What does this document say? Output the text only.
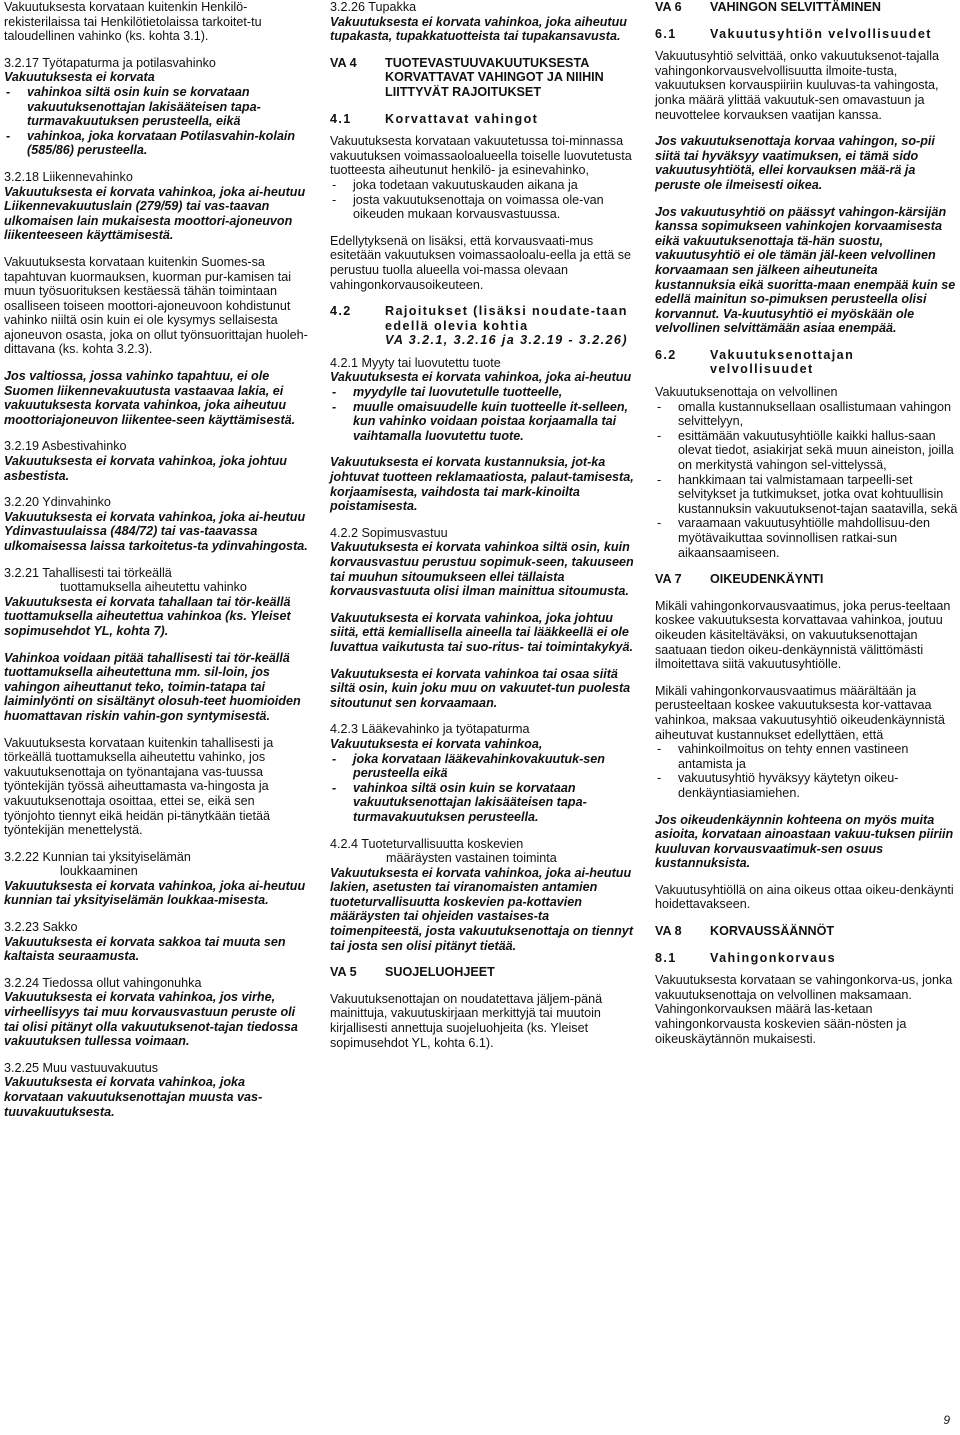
Vakuutuksesta korvataan kuitenkin Henkilö-rekisterilaissa tai Henkilötietolaissa tarkoitet-tu taloudellinen vahinko (ks. kohta 3.1).

3.2.17 Työtapaturma ja potilasvahinko
Vakuutuksesta ei korvata
- vahinkoa siltä osin kuin se korvataan vakuutuksenottajan lakisääteisen tapa-turmavakuutuksen perusteella, eikä
- vahinkoa, joka korvataan Potilasvahin-kolain (585/86) perusteella.
3.2.18 Liikennevahinko

Vakuutuksesta ei korvata vahinkoa, joka ai-heutuu Liikennevakuutuslain (279/59) tai vas-taavan ulkomaisen lain mukaisesta moottori-ajoneuvon liikenteeseen käyttämisestä.

Vakuutuksesta korvataan kuitenkin Suomes-sa tapahtuvan kuormauksen, kuorman pur-kamisen tai muun työsuorituksen kestäessä tähän toimintaan osalliseen toiseen moottori-ajoneuvoon kohdistunut vahinko niiltä osin kuin ei ole kysymys sellaisesta ajoneuvon osasta, joka on ollut työnsuorittajan huoleh-dittavana (ks. kohta 3.2.3).

Jos valtiossa, jossa vahinko tapahtuu, ei ole Suomen liikennevakuutusta vastaavaa lakia, ei vakuutuksesta korvata vahinkoa, joka aiheutuu moottoriajoneuvon liikentee-seen käyttämisestä.

3.2.19 Asbestivahinko

Vakuutuksesta ei korvata vahinkoa, joka johtuu asbestista.

3.2.20 Ydinvahinko

Vakuutuksesta ei korvata vahinkoa, joka ai-heutuu Ydinvastuulaissa (484/72) tai vas-taavassa ulkomaisessa laissa tarkoitetus-ta ydinvahingosta.

3.2.21 Tahallisesti tai törkeällä
tuottamuksella aiheutettu vahinko

Vakuutuksesta ei korvata tahallaan tai tör-keällä tuottamuksella aiheutettua vahinkoa (ks. Yleiset sopimusehdot YL, kohta 7).

Vahinkoa voidaan pitää tahallisesti tai tör-keällä tuottamuksella aiheutettuna mm. sil-loin, jos vahingon aiheuttanut teko, toimin-tatapa tai laiminlyönti on sisältänyt olosuh-teet huomioiden huomattavan riskin vahin-gon syntymisestä.

Vakuutuksesta korvataan kuitenkin tahallisesti ja törkeällä tuottamuksella aiheutettu vahinko, jos vakuutuksenottaja on työnantajana vas-tuussa työntekijän työssä aiheuttamasta va-hingosta ja vakuutuksenottaja osoittaa, ettei se, eikä sen työnjohto tiennyt eikä heidän pi-tänytkään tietää työntekijän menettelystä.

3.2.22 Kunnian tai yksityiselämän
loukkaaminen

Vakuutuksesta ei korvata vahinkoa, joka ai-heutuu kunnian tai yksityiselämän loukkaa-misesta.

3.2.23 Sakko

Vakuutuksesta ei korvata sakkoa tai muuta sen kaltaista seuraamusta.

3.2.24 Tiedossa ollut vahingonuhka

Vakuutuksesta ei korvata vahinkoa, jos virhe, virheellisyys tai muu korvausvastuun peruste oli tai olisi pitänyt olla vakuutuksenot-tajan tiedossa vakuutuksen tullessa voimaan.

3.2.25 Muu vastuuvakuutus

Vakuutuksesta ei korvata vahinkoa, joka korvataan vakuutuksenottajan muusta vas-tuuvakuutuksesta.

3.2.26 Tupakka

Vakuutuksesta ei korvata vahinkoa, joka aiheutuu tupakasta, tupakkatuotteista tai tupakansavusta.

VA 4	TUOTEVASTUUVAKUUTUKSESTA KORVATTAVAT VAHINGOT JA NIIHIN LIITTYVÄT RAJOITUKSET
4.1	Korvattavat vahingot
Vakuutuksesta korvataan vakuutetussa toi-minnassa vakuutuksen voimassaoloalueella toiselle luovutetusta tuotteesta aiheutunut henkilö- ja esinevahinko,
- joka todetaan vakuutuskauden aikana ja
- josta vakuutuksenottaja on voimassa ole-van oikeuden mukaan korvausvastuussa.

Edellytyksenä on lisäksi, että korvausvaati-mus esitetään vakuutuksen voimassaoloalu-eella ja että se perustuu tuolla alueella voi-massa olevaan vahingonkorvausoikeuteen.

4.2	Rajoitukset (lisäksi noudate-taan edellä olevia kohtia
VA 3.2.1, 3.2.16 ja 3.2.19 - 3.2.26)
4.2.1 Myyty tai luovutettu tuote
Vakuutuksesta ei korvata vahinkoa, joka ai-heutuu
- myydylle tai luovutetulle tuotteelle,
- muulle omaisuudelle kuin tuotteelle it-selleen, kun vahinko voidaan poistaa korjaamalla tai vaihtamalla luovutettu tuote.

Vakuutuksesta ei korvata kustannuksia, jot-ka johtuvat tuotteen reklamaatiosta, palaut-tamisesta, korjaamisesta, vaihdosta tai mark-kinoilta poistamisesta.

4.2.2 Sopimusvastuu

Vakuutuksesta ei korvata vahinkoa siltä osin, kuin korvausvastuu perustuu sopimuk-seen, takuuseen tai muuhun sitoumukseen ellei tällaista korvausvastuuta olisi ilman mainittua sitoumusta.

Vakuutuksesta ei korvata vahinkoa, joka johtuu siitä, että kemiallisella aineella tai lääkkeellä ei ole luvattua vaikutusta tai suo-ritus- tai toimintakykyä.

Vakuutuksesta ei korvata vahinkoa tai osaa siitä siltä osin, kuin joku muu on vakuutet-tun puolesta sitoutunut sen korvaamaan.

4.2.3 Lääkevahinko ja työtapaturma
Vakuutuksesta ei korvata vahinkoa,
- joka korvataan lääkevahinkovakuutuk-sen perusteella eikä
- vahinkoa siltä osin kuin se korvataan vakuutuksenottajan lakisääteisen tapa-turmavakuutuksen perusteella.
4.2.4 Tuoteturvallisuutta koskevien
määräysten vastainen toiminta

Vakuutuksesta ei korvata vahinkoa, joka ai-heutuu lakien, asetusten tai viranomaisten antamien tuoteturvallisuutta koskevien pa-kottavien määräysten tai ohjeiden vastaises-ta toimenpiteestä, josta vakuutuksenottaja on tiennyt tai josta sen olisi pitänyt tietää.

VA 5	SUOJELUOHJEET

Vakuutuksenottajan on noudatettava jäljem-pänä mainittuja, vakuutuskirjaan merkittyjä tai muutoin kirjallisesti annettuja suojeluohjeita (ks. Yleiset sopimusehdot YL, kohta 6.1).

VA 6	VAHINGON SELVITTÄMINEN
6.1	Vakuutusyhtiön velvollisuudet

Vakuutusyhtiö selvittää, onko vakuutuksenot-tajalla vahingonkorvausvelvollisuutta ilmoite-tusta, vakuutuksen korvauspiiriin kuuluvas-ta vahingosta, jonka määrä ylittää vakuutuk-sen omavastuun ja neuvottelee korvauksen vaatijan kanssa.

Jos vakuutuksenottaja korvaa vahingon, so-pii siitä tai hyväksyy vaatimuksen, ei tämä sido vakuutusyhtiötä, ellei korvauksen mää-rä ja peruste ole ilmeisesti oikea.

Jos vakuutusyhtiö on päässyt vahingon-kärsijän kanssa sopimukseen vahinkojen korvaamisesta eikä vakuutuksenottaja tä-hän suostu, vakuutusyhtiö ei ole tämän jäl-keen velvollinen korvaamaan sen jälkeen aiheutuneita kustannuksia eikä suoritta-maan enempää kuin se edellä mainitun so-pimuksen perusteella olisi korvannut. Va-kuutusyhtiö ei myöskään ole velvollinen selvittämään asiaa enempää.

6.2	Vakuutuksenottajan velvollisuudet
Vakuutuksenottaja on velvollinen
- omalla kustannuksellaan osallistumaan vahingon selvittelyyn,
- esittämään vakuutusyhtiölle kaikki hallus-saan olevat tiedot, asiakirjat sekä muun aineiston, joilla on merkitystä vahingon sel-vittelyssä,
- hankkimaan tai valmistamaan tarpeelli-set selvitykset ja tutkimukset, jotka ovat kohtuullisin kustannuksin vakuutuksenot-tajan saatavilla, sekä
- varaamaan vakuutusyhtiölle mahdollisuu-den myötävaikuttaa sovinnollisen ratkai-sun aikaansaamiseen.
VA 7	OIKEUDENKÄYNTI

Mikäli vahingonkorvausvaatimus, joka perus-teeltaan koskee vakuutuksesta korvattavaa vahinkoa, joutuu oikeuden käsiteltäväksi, on vakuutuksenottajan saatuaan tiedon oikeu-denkäynnistä välittömästi ilmoitettava siitä vakuutusyhtiölle.

Mikäli vahingonkorvausvaatimus määrältään ja perusteeltaan koskee vakuutuksesta kor-vattavaa vahinkoa, maksaa vakuutusyhtiö oikeudenkäynnistä aiheutuvat kustannukset edellyttäen, että
- vahinkoilmoitus on tehty ennen vastineen antamista ja
- vakuutusyhtiö hyväksyy käytetyn oikeu-denkäyntiasiamiehen.

Jos oikeudenkäynnin kohteena on myös muita asioita, korvataan ainoastaan vakuu-tuksen piiriin kuuluvan korvausvaatimuk-sen osuus kustannuksista.

Vakuutusyhtiöllä on aina oikeus ottaa oikeu-denkäynti hoidettavakseen.

VA 8	KORVAUSSÄÄNNÖT
8.1	Vahingonkorvaus

Vakuutuksesta korvataan se vahingonkorva-us, jonka vakuutuksenottaja on velvollinen maksamaan. Vahingonkorvauksen määrä las-ketaan vahingonkorvausta koskevien sään-nösten ja oikeuskäytännön mukaisesti.

9
